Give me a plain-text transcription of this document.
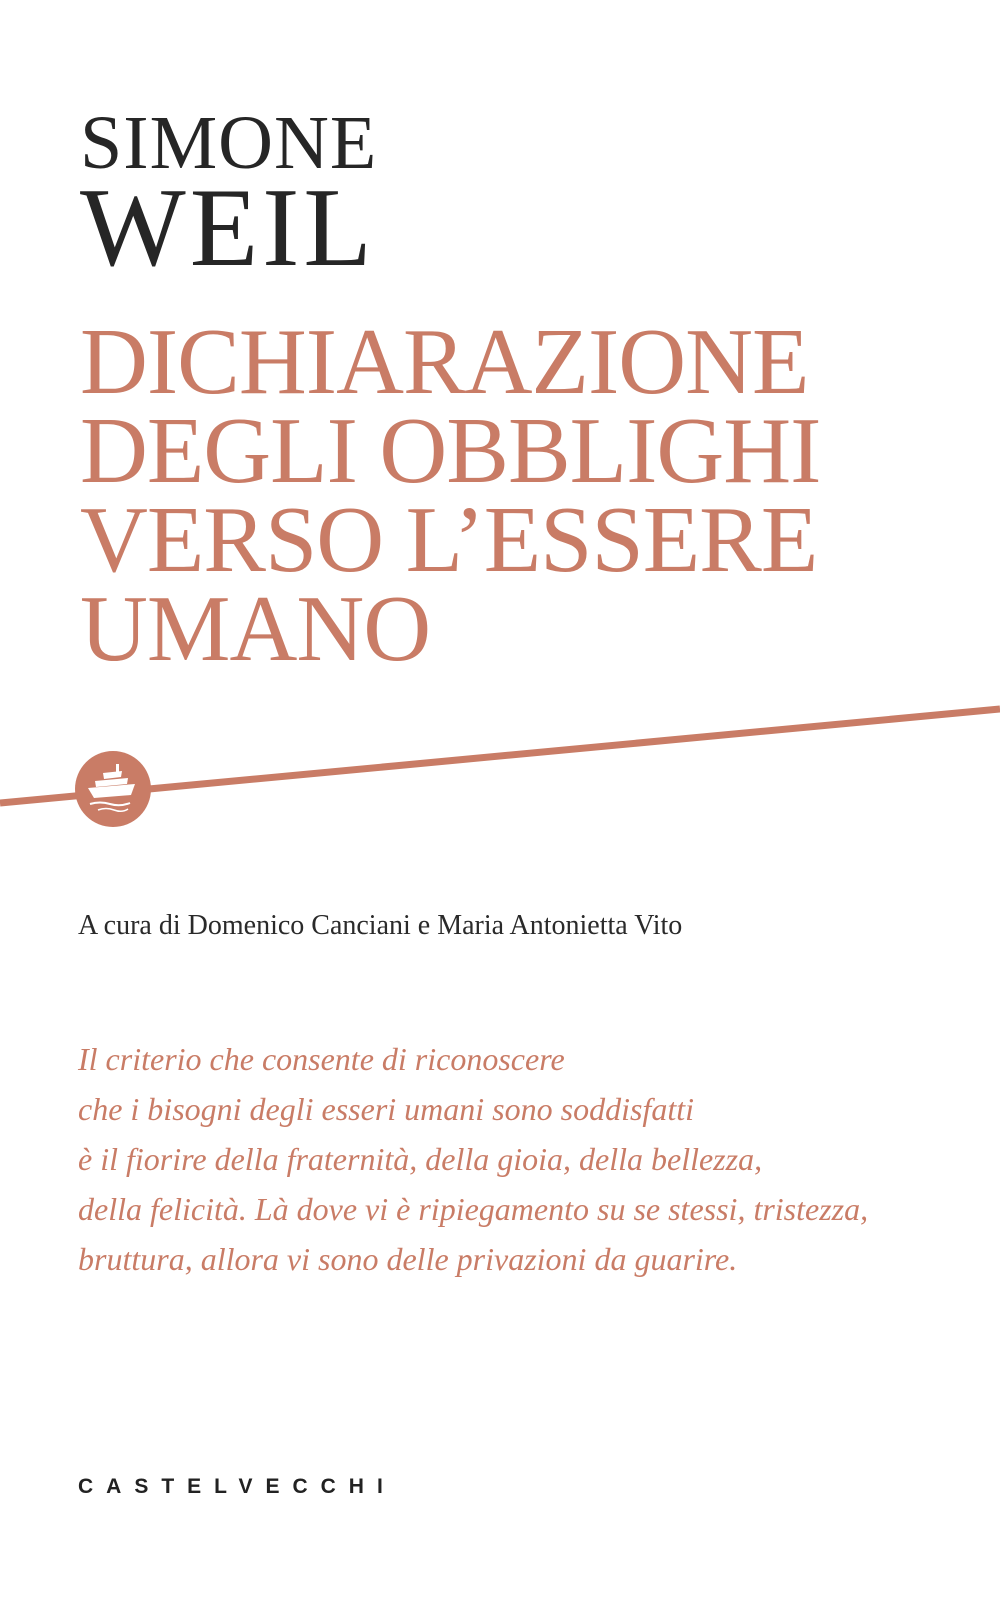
SIMONE
WEIL
DICHIARAZIONE
DEGLI OBBLIGHI
VERSO L’ESSERE
UMANO
A cura di Domenico Canciani e Maria Antonietta Vito
Il criterio che consente di riconoscere
che i bisogni degli esseri umani sono soddisfatti
è il fiorire della fraternità, della gioia, della bellezza,
della felicità. Là dove vi è ripiegamento su se stessi, tristezza,
bruttura, allora vi sono delle privazioni da guarire.
CASTELVECCHI
